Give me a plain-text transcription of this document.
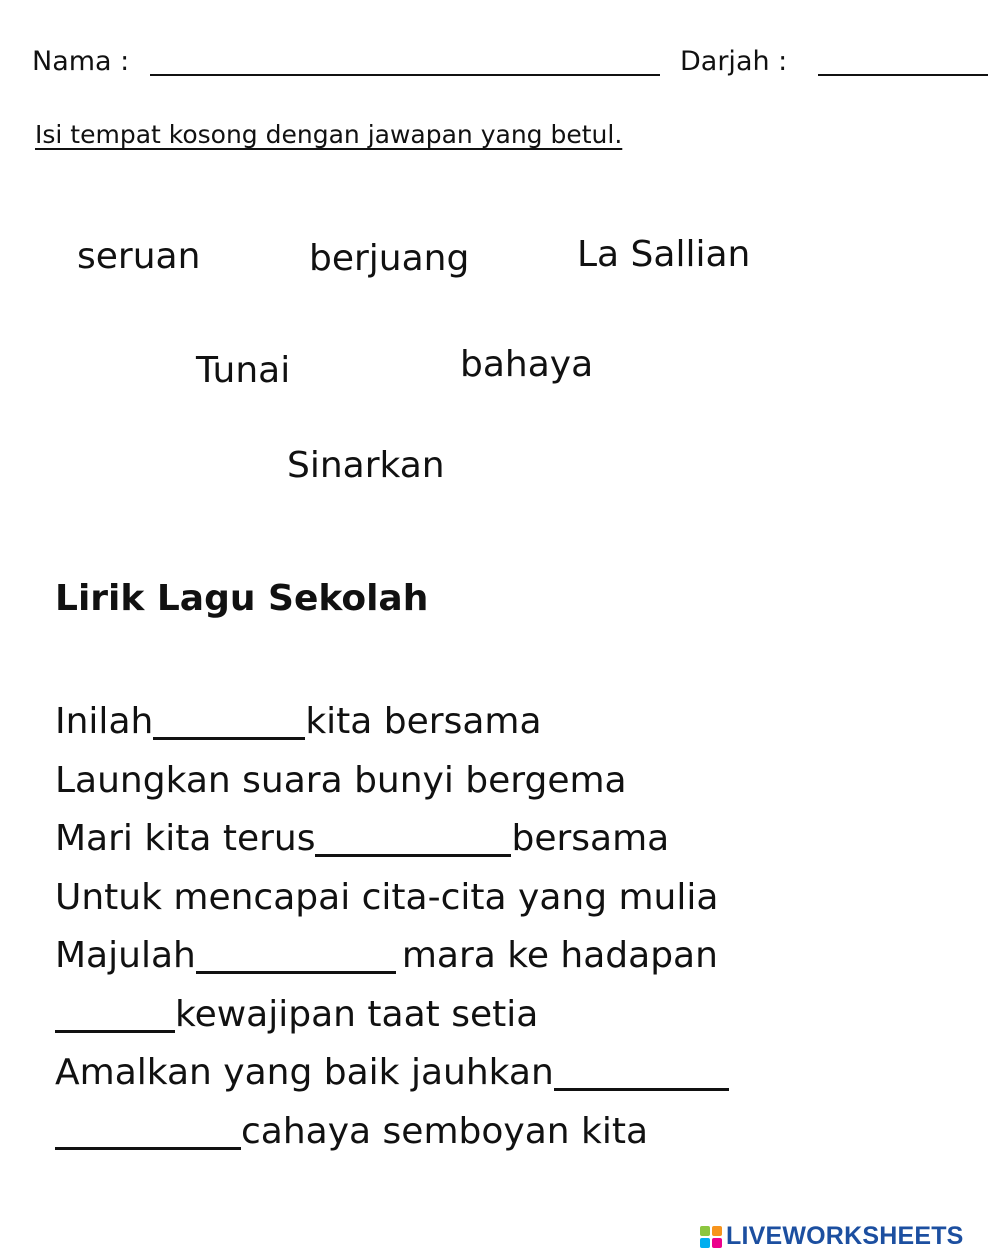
Nama :	Darjah :
Isi tempat kosong dengan jawapan yang betul.
seruan	berjuang	La Sallian
Tunai	bahaya
Sinarkan
Lirik Lagu Sekolah
Inilah	kita bersama
Laungkan suara bunyi bergema
Mari kita terus	bersama
Untuk mencapai cita-cita yang mulia
Majulah	mara ke hadapan
kewajipan taat setia
Amalkan yang baik jauhkan
cahaya semboyan kita
LIVEWORKSHEETS
